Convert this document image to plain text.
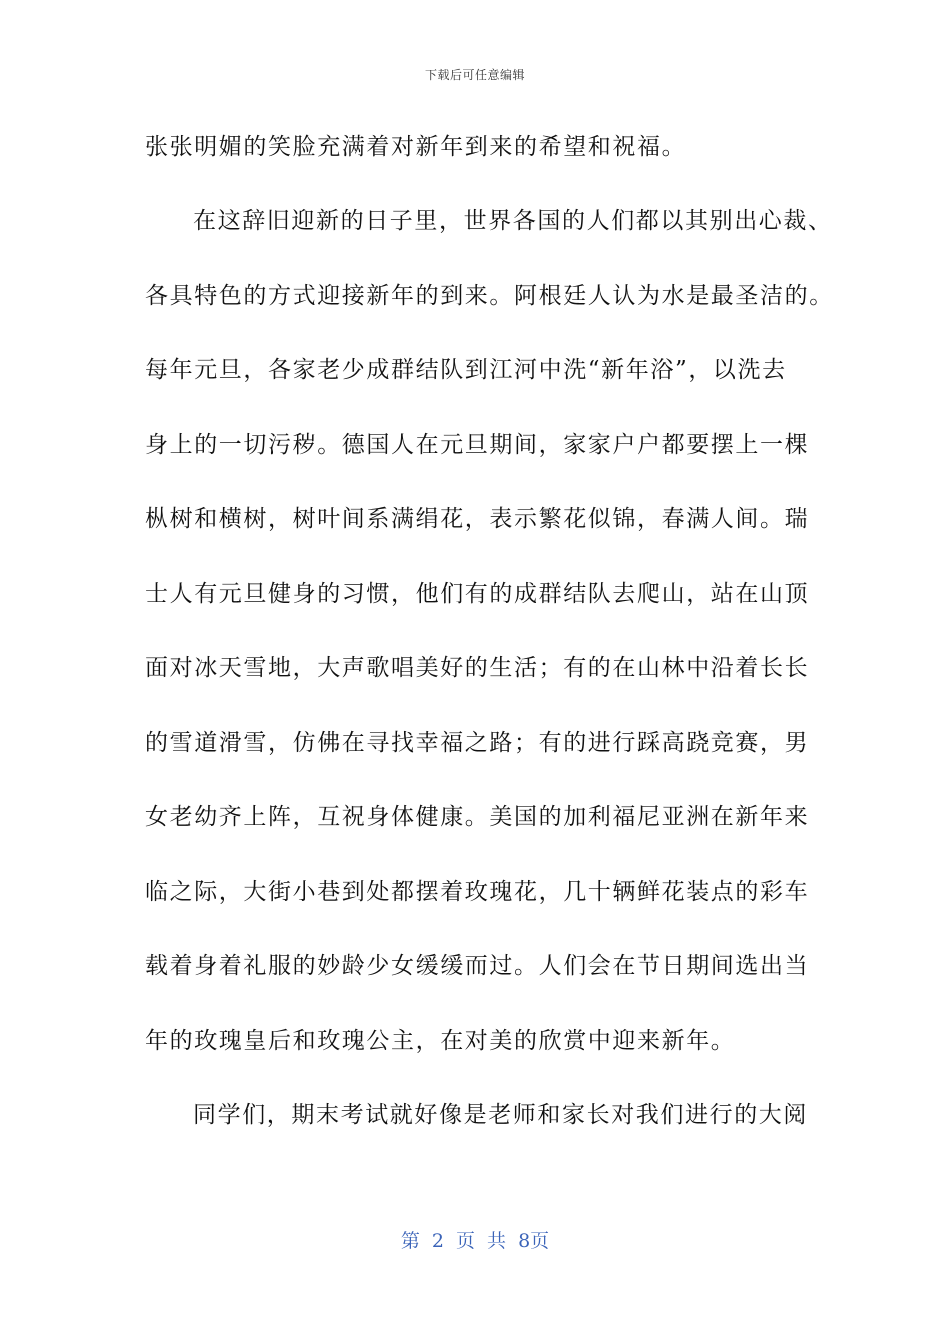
下载后可任意编辑
张张明媚的笑脸充满着对新年到来的希望和祝福。
在这辞旧迎新的日子里，世界各国的人们都以其别出心裁、
各具特色的方式迎接新年的到来。阿根廷人认为水是最圣洁的。
每年元旦，各家老少成群结队到江河中洗“新年浴”，以洗去
身上的一切污秽。德国人在元旦期间，家家户户都要摆上一棵
枞树和横树，树叶间系满绢花，表示繁花似锦，春满人间。瑞
士人有元旦健身的习惯，他们有的成群结队去爬山，站在山顶
面对冰天雪地，大声歌唱美好的生活；有的在山林中沿着长长
的雪道滑雪，仿佛在寻找幸福之路；有的进行踩高跷竞赛，男
女老幼齐上阵，互祝身体健康。美国的加利福尼亚洲在新年来
临之际，大街小巷到处都摆着玫瑰花，几十辆鲜花装点的彩车
载着身着礼服的妙龄少女缓缓而过。人们会在节日期间选出当
年的玫瑰皇后和玫瑰公主，在对美的欣赏中迎来新年。
同学们，期末考试就好像是老师和家长对我们进行的大阅
第 2 页 共 8页
